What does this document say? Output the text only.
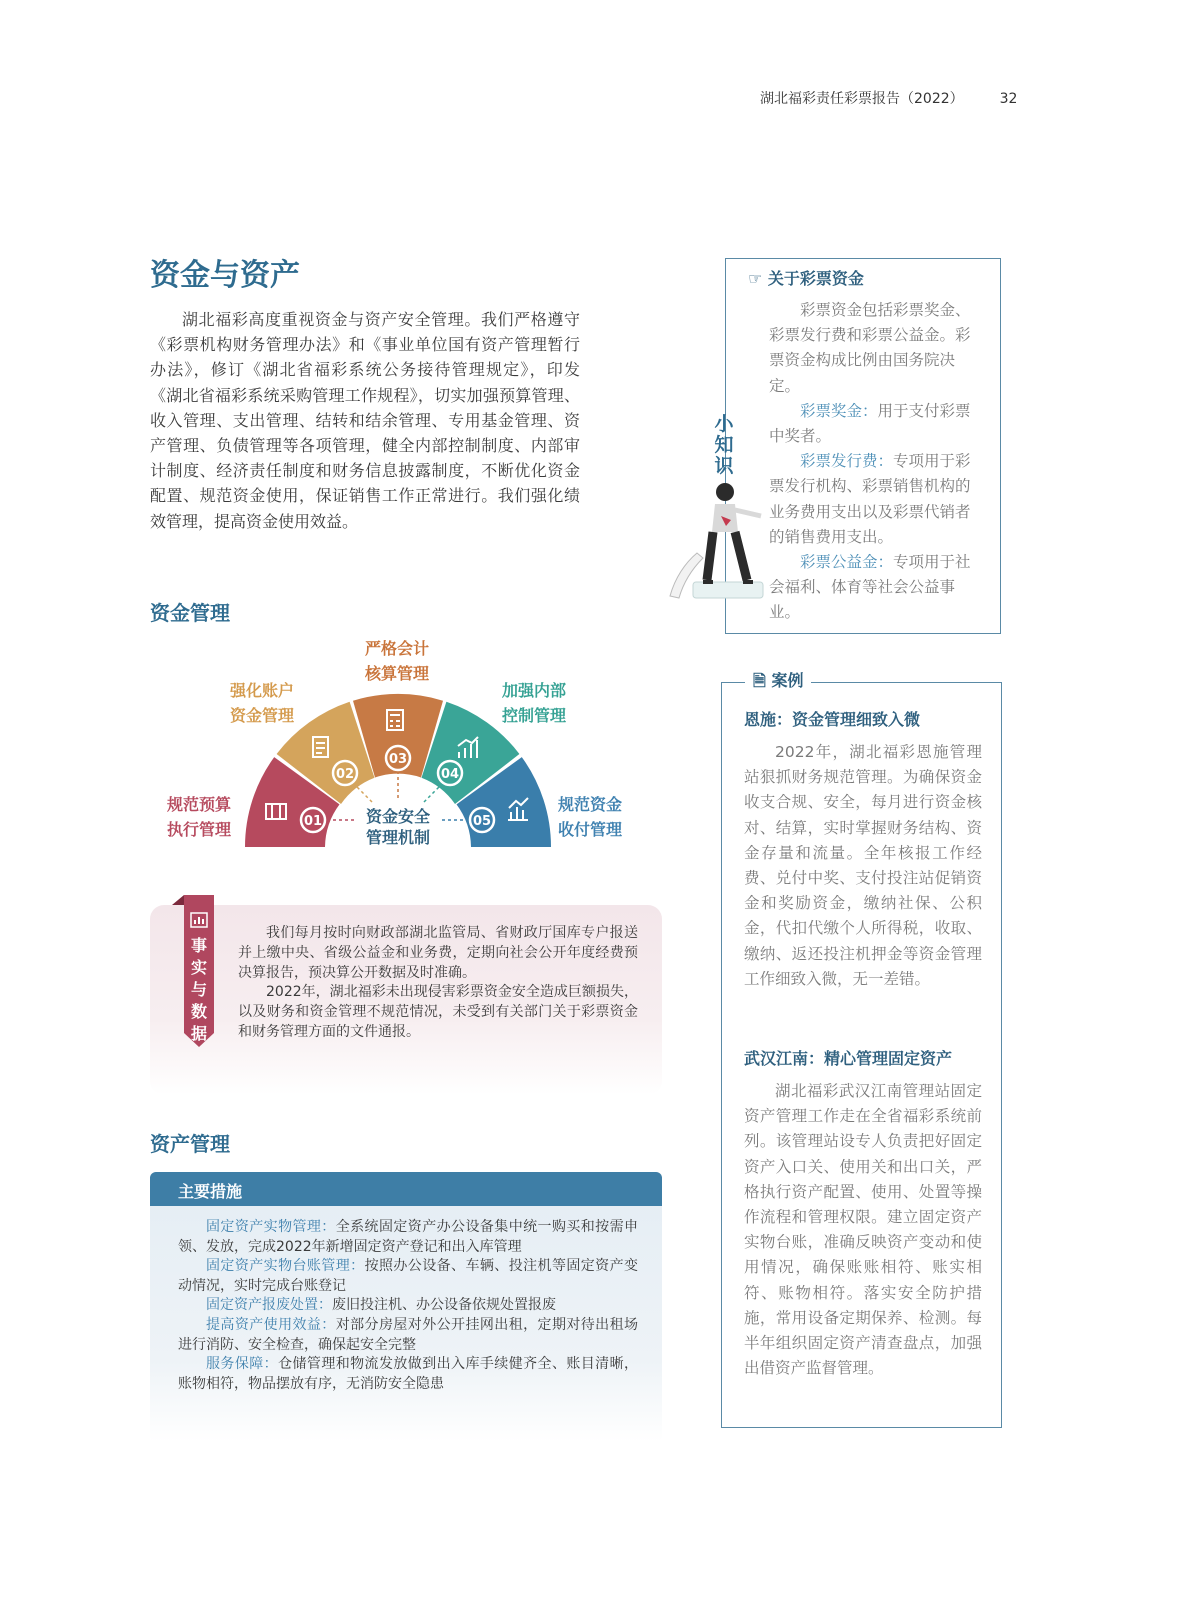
湖北福彩责任彩票报告（2022）	32
资金与资产

湖北福彩高度重视资金与资产安全管理。我们严格遵守《彩票机构财务管理办法》和《事业单位国有资产管理暂行办法》，修订《湖北省福彩系统公务接待管理规定》，印发《湖北省福彩系统采购管理工作规程》，切实加强预算管理、收入管理、支出管理、结转和结余管理、专用基金管理、资产管理、负债管理等各项管理，健全内部控制制度、内部审计制度、经济责任制度和财务信息披露制度，不断优化资金配置、规范资金使用，保证销售工作正常进行。我们强化绩效管理，提高资金使用效益。

资金管理
01
02
03
04
05
资金安全
管理机制
规范预算
执行管理
强化账户
资金管理
严格会计
核算管理
加强内部
控制管理
规范资金
收付管理
事实与数据

我们每月按时向财政部湖北监管局、省财政厅国库专户报送并上缴中央、省级公益金和业务费，定期向社会公开年度经费预决算报告，预决算公开数据及时准确。

2022年，湖北福彩未出现侵害彩票资金安全造成巨额损失，以及财务和资金管理不规范情况，未受到有关部门关于彩票资金和财务管理方面的文件通报。

资产管理
主要措施

固定资产实物管理：全系统固定资产办公设备集中统一购买和按需申领、发放，完成2022年新增固定资产登记和出入库管理

固定资产实物台账管理：按照办公设备、车辆、投注机等固定资产变动情况，实时完成台账登记

固定资产报废处置：废旧投注机、办公设备依规处置报废

提高资产使用效益：对部分房屋对外公开挂网出租，定期对待出租场进行消防、安全检查，确保起安全完整

服务保障：仓储管理和物流发放做到出入库手续健齐全、账目清晰，账物相符，物品摆放有序，无消防安全隐患

☞ 关于彩票资金

彩票资金包括彩票奖金、彩票发行费和彩票公益金。彩票资金构成比例由国务院决定。

彩票奖金：用于支付彩票中奖者。

彩票发行费：专项用于彩票发行机构、彩票销售机构的业务费用支出以及彩票代销者的销售费用支出。

彩票公益金：专项用于社会福利、体育等社会公益事业。

小知识
🗎 案例
恩施：资金管理细致入微

2022年，湖北福彩恩施管理站狠抓财务规范管理。为确保资金收支合规、安全，每月进行资金核对、结算，实时掌握财务结构、资金存量和流量。全年核报工作经费、兑付中奖、支付投注站促销资金和奖励资金，缴纳社保、公积金，代扣代缴个人所得税，收取、缴纳、返还投注机押金等资金管理工作细致入微，无一差错。

武汉江南：精心管理固定资产

湖北福彩武汉江南管理站固定资产管理工作走在全省福彩系统前列。该管理站设专人负责把好固定资产入口关、使用关和出口关，严格执行资产配置、使用、处置等操作流程和管理权限。建立固定资产实物台账，准确反映资产变动和使用情况，确保账账相符、账实相符、账物相符。落实安全防护措施，常用设备定期保养、检测。每半年组织固定资产清查盘点，加强出借资产监督管理。
